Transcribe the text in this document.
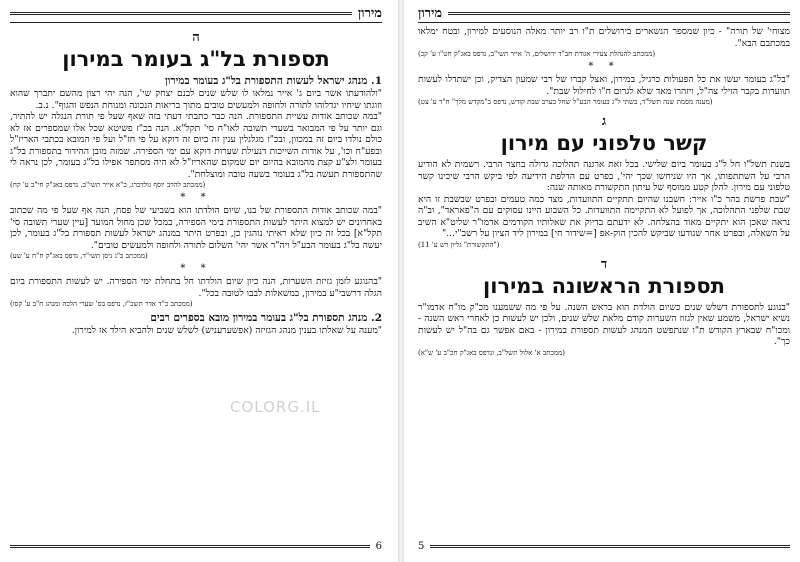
מירון
ה
תספורת בל"ג בעומר במירון
1. מנהג ישראל לעשות התספורת בל"ג בעומר במירון

"ולהודעתו אשר ביום ג' אייר נמלאו לו שלש שנים לבנם יצחק שי', הנה יהי רצון מהשם יתברך שהוא וזוגתו שיחיו יגדלוהו לתורה ולחופה ולמעשים טובים מתוך בריאות הנכונה ומנוחת הנפש והגוף". נ.ב.

"במה שכותב אודות עשיית התספורת. הנה כבר כתבתי דעתי בזה שאף שעל פי תורת הנגלה יש להתיר, וגם יותר על פי המבואר בשערי תשובה לאו"ח סי' תקל"א. הנה בכ"ז פשיטא שכל אלו שמספרים אז לא כולם נולדו ביום זה במכוון, ובכ"ז מגלגלין ענין זה ביום זה דוקא על פי חז"ל ועל פי המובא בכתבי האריז"ל ובפע"ח וכו', על אודות השייכות דנעילת שערות דוקא עם ימי הספירה. שמזה מובן ההידור בתספורת בל"ג בעומר ולצ"ע קצת מהמובא בהיום יום שמקום שהאריז"ל לא היה מסתפר אפילו בל"ג בעומר, לכן נראה לי שהתספורת תעשה בל"ג בעומר בשעה טובה ומוצלחת".

(ממכתב להרב יוסף גולדברג, כ"א אייר תשי"ב. נדפס באג"ק חי"ב ע' קח)
* *

"במה שכותב אודות התספורת של בנו, שיום הולדתו הוא בשביעי של פסח, הנה אף שעל פי מה שכתוב באחרונים יש למצוא היתר לעשות התספורת בימי הספירה, במכל שכן מחול המועד [עיין שערי תשובה סי' תקל"א] בכל זה כיון שלא ראיתי נוהגין כן, ובפרט היתר במנהג ישראל לעשות תספורת בל"ג בעומר, לכן יעשה בל"ג בעומר הבע"ל ויה"ר אשר יהי' השלום לתורה ולחופה ולמעשים טובים".

(ממכתב כ"ג ניסן תשי"ד, נדפס באג"ק ח"ח ע' שע)
* *

"בהנוגע לזמן גזיזת השערות, הנה כיון שיום הולדתו חל בתחלת ימי הספירה. יש לעשות התספורת ביום הגלה דרשבי"ע במירון, במשאלות לבבו לטובה בכל".

(ממכתב כ"ד אדר תשכ"ז, נדפס בס' שערי הלכה ומנהג ח"ב ע' קסו)
2. מנהג תספורת בל"ג בעומר במירון מובא בספרים רבים

"מענה על שאלתו בענין מנהג הגזיזה (אפשערעניש) לשלש שנים ולהביא הילד אז למירון.

6
מירון

מצוחי' של תורה" - כיון שמספר הנשארים בירושלים ת"ו רב יותר מאלה הנוסעים למירון, ובטח ימלאו במכתבם הבא".

(ממכתב להנהלת צעירי אגודת חב"ד ירושלים, ה' אייר תשי"ב, נדפס באג"ק חט"ו ע' קכ)
* *

"בל"ג בעומר יעשו את כל הפעולות כרגיל, במירון, ואצל קברו של רבי שמעון הצדיק, וכן ישתדלו לעשות תוועדות בקבר הזילי צה"ל, ויזהרו מאד שלא לגרום ח"ו לחילול שבת".

(מענה מסמת שנה תשל"ד, בשתי ל"ג בעומר הבע"ל שחל בערב שבת קודש, נדפס ב"מקדש מלך" ח"ד ע' צט)
ג
קשר טלפוני עם מירון

בשנת תשל"ו חל ל"ג בעומר ביום שלישי. בכל זאת ארגנה תהלוכה גדולה בחצר הרבי. רשמית לא הודיע הרבי על השתתפותו, אך היו שניחשו שכך יהי', בפרט עם הדלפת הידיעה לפי ביקש הרבי שיכינו קשר טלפוני עם מירון. להלן קטע ממוסף של עיתון התקשורת מאותה שנה:

"שבת פרשת בהר כ"ו אייר: חשבנו שהיום תתקיים התוועדות, מצד כמה טעמים ובפרט שבשבת זו היא שבת שלפני התהלוכה, אך לפועל לא התקיימה התוועדות. כל השבוע היינו עסוקים עם ה"פאראד", וב"ה נראה שאכן הוא יתקיים מאוד בהצלחה. לא ידעתם בדיוק את שאלותיו הקודמים אדמו"ר שליט"א השיב על השאלה, ובפרט אחר שנודעו שביקש להכין הוק-אפ [=שידור חי] במירון ליד הציון על רשב"י..."

("התקשורת" גליון רש ע' 11)
ד
תספורת הראשונה במירון

"בנוגע לתספורת דשלש שנים כשיום הולדת הוא בראש השנה. על פי מה ששמענו מכ"ק מו"ח אדמו"ר נשיא ישראל, משמע שאין לגזוז השערות קודם מלאת שלש שנים, ולכן יש לעשות כן לאחרי ראש השנה - ומכו"ח שבארץ הקודש ת"ו שנתפשט המנהג לעשות תספורת במירון - באם אפשר גם בה"ל יש לעשות כך".

(ממכתב א' אלול תשל"ב, ונדפס באג"ק חכ"ב ע' ש"א)
5
COLORG.IL
